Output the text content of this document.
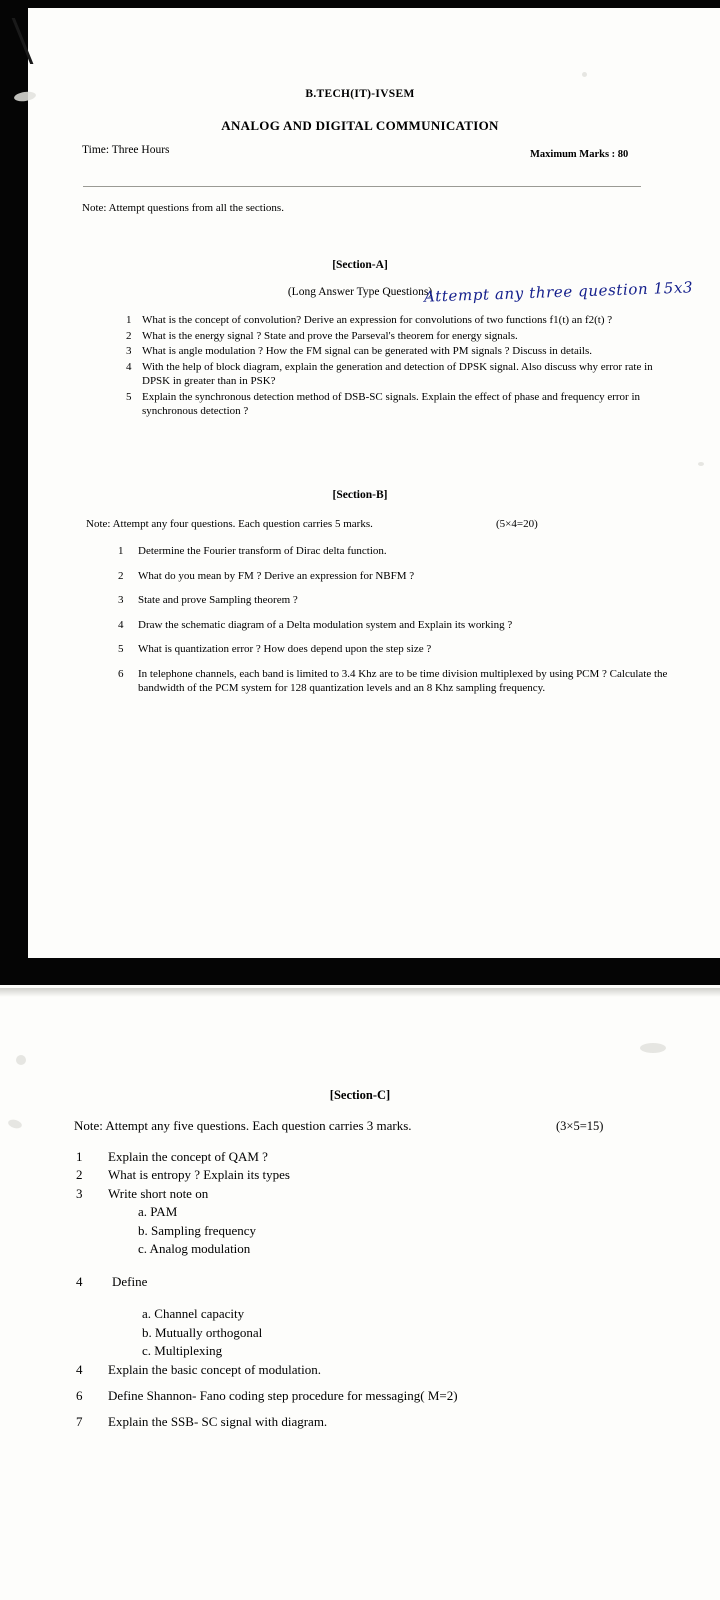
B.TECH(IT)-IVSEM
ANALOG AND DIGITAL COMMUNICATION
Time: Three Hours	Maximum Marks : 80
Note: Attempt questions from all the sections.
[Section-A]
(Long Answer Type Questions)
Attempt any three question 15x3
1 What is the concept of convolution? Derive an expression for convolutions of two functions f1(t) an f2(t) ?
2 What is the energy signal ? State and prove the Parseval's theorem for energy signals.
3 What is angle modulation ? How the FM signal can be generated with PM signals ? Discuss in details.
4 With the help of block diagram, explain the generation and detection of DPSK signal. Also discuss why error rate in DPSK in greater than in PSK?
5 Explain the synchronous detection method of DSB-SC signals. Explain the effect of phase and frequency error in synchronous detection ?
[Section-B]
Note: Attempt any four questions. Each question carries 5 marks.	(5×4=20)
1	Determine the Fourier transform of Dirac delta function.
2	What do you mean by FM ? Derive an expression for NBFM ?
3	State and prove Sampling theorem ?
4	Draw the schematic diagram of a Delta modulation system and Explain its working ?
5	What is quantization error ? How does depend upon the step size ?
6	In telephone channels, each band is limited to 3.4 Khz are to be time division multiplexed by using PCM ? Calculate the bandwidth of the PCM system for 128 quantization levels and an 8 Khz sampling frequency.
[Section-C]
Note: Attempt any five questions. Each question carries 3 marks.	(3×5=15)
1	Explain the concept of QAM ?
2	What is entropy ? Explain its types
3	Write short note on
a. PAM
b. Sampling frequency
c. Analog modulation
4	Define
a. Channel capacity
b. Mutually orthogonal
c. Multiplexing
4	Explain the basic concept of modulation.
6	Define Shannon- Fano coding step procedure for messaging( M=2)
7	Explain the SSB- SC signal with diagram.
